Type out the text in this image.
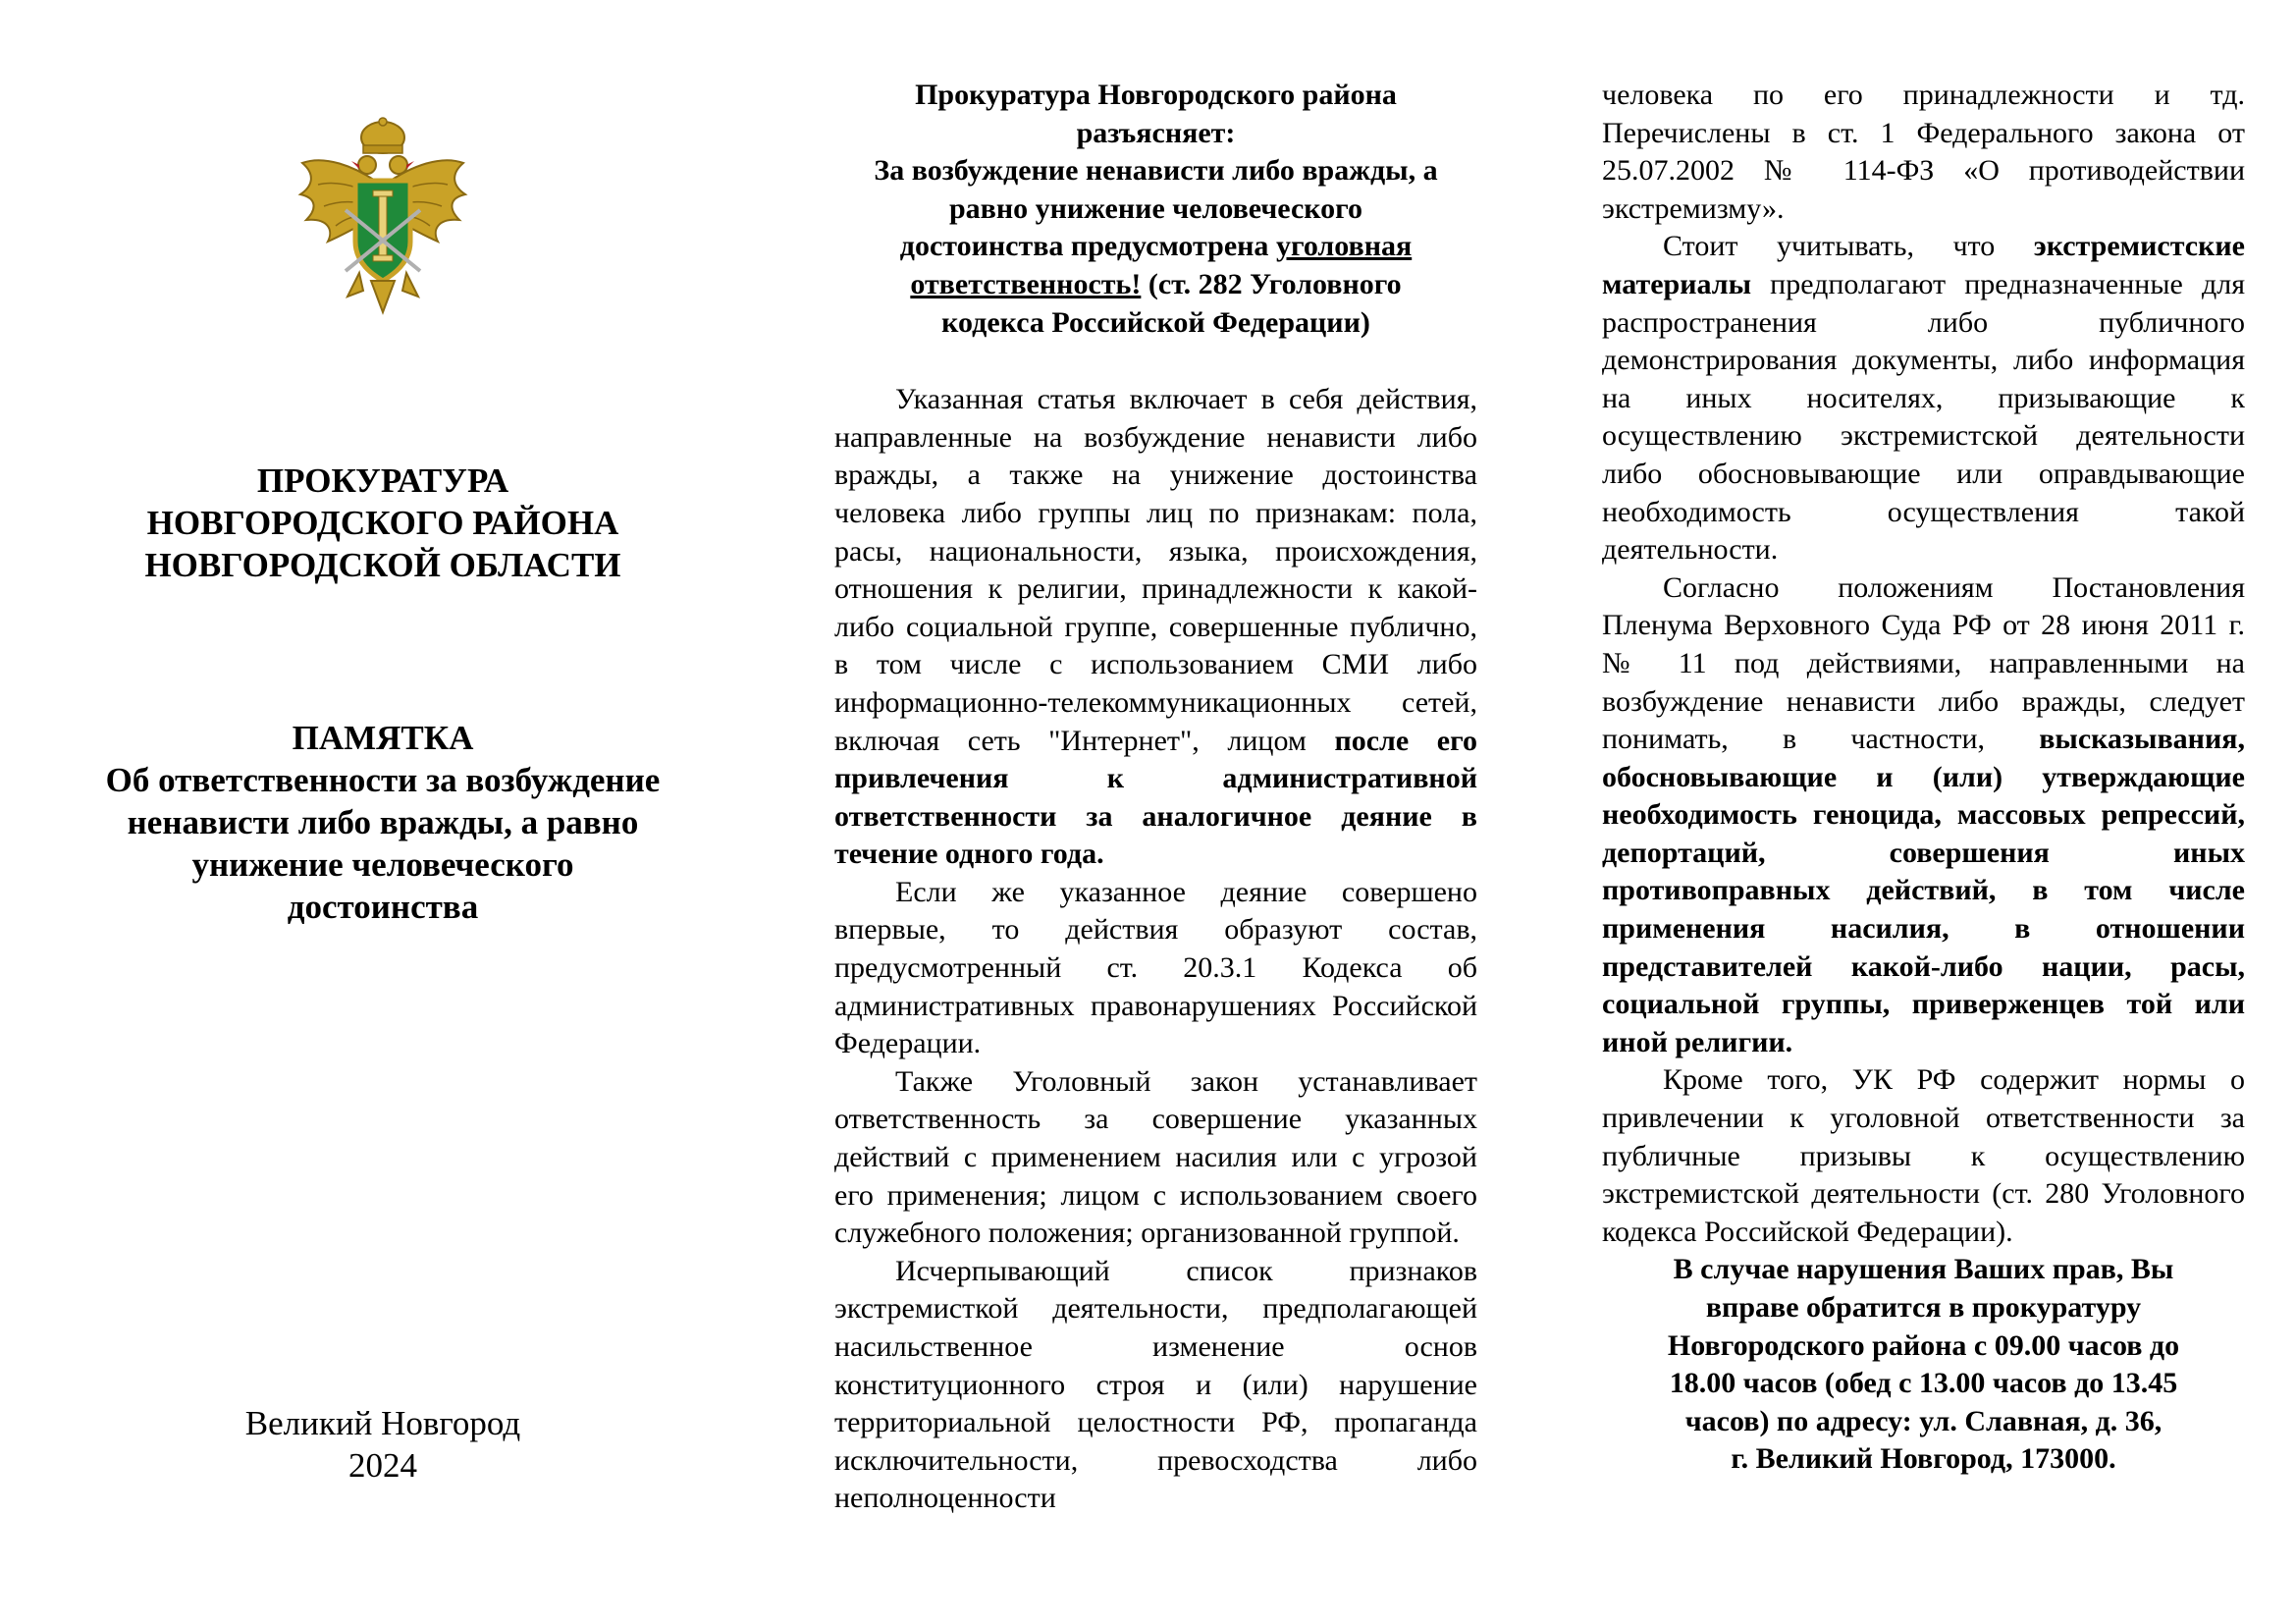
ПРОКУРАТУРА
НОВГОРОДСКОГО РАЙОНА
НОВГОРОДСКОЙ ОБЛАСТИ
ПАМЯТКА
Об ответственности за возбуждение
ненависти либо вражды, а равно
унижение человеческого
достоинства
Великий Новгород
2024
Прокуратура Новгородского района
разъясняет:
За возбуждение ненависти либо вражды, а
равно унижение человеческого
достоинства предусмотрена уголовная
ответственность! (ст. 282 Уголовного
кодекса Российской Федерации)

Указанная статья включает в себя действия, направленные на возбуждение ненависти либо вражды, а также на унижение достоинства человека либо группы лиц по признакам: пола, расы, национальности, языка, происхождения, отношения к религии, принадлежности к какой-либо социальной группе, совершенные публично, в том числе с использованием СМИ либо информационно-телекоммуникационных сетей, включая сеть "Интернет", лицом после его привлечения к административной ответственности за аналогичное деяние в течение одного года.

Если же указанное деяние совершено впервые, то действия образуют состав, предусмотренный ст. 20.3.1 Кодекса об административных правонарушениях Российской Федерации.

Также Уголовный закон устанавливает ответственность за совершение указанных действий с применением насилия или с угрозой его применения; лицом с использованием своего служебного положения; организованной группой.

Исчерпывающий список признаков экстремисткой деятельности, предполагающей насильственное изменение основ конституционного строя и (или) нарушение территориальной целостности РФ, пропаганда исключительности, превосходства либо неполноценности

человека по его принадлежности и тд. Перечислены в ст. 1 Федерального закона от 25.07.2002 № 114-ФЗ «О противодействии экстремизму».

Стоит учитывать, что экстремистские материалы предполагают предназначенные для распространения либо публичного демонстрирования документы, либо информация на иных носителях, призывающие к осуществлению экстремистской деятельности либо обосновывающие или оправдывающие необходимость осуществления такой деятельности.

Согласно положениям Постановления Пленума Верховного Суда РФ от 28 июня 2011 г. № 11 под действиями, направленными на возбуждение ненависти либо вражды, следует понимать, в частности, высказывания, обосновывающие и (или) утверждающие необходимость геноцида, массовых репрессий, депортаций, совершения иных противоправных действий, в том числе применения насилия, в отношении представителей какой-либо нации, расы, социальной группы, приверженцев той или иной религии.

Кроме того, УК РФ содержит нормы о привлечении к уголовной ответственности за публичные призывы к осуществлению экстремистской деятельности (ст. 280 Уголовного кодекса Российской Федерации).

В случае нарушения Ваших прав, Вы
вправе обратится в прокуратуру
Новгородского района с 09.00 часов до
18.00 часов (обед с 13.00 часов до 13.45
часов) по адресу: ул. Славная, д. 36,
г. Великий Новгород, 173000.
